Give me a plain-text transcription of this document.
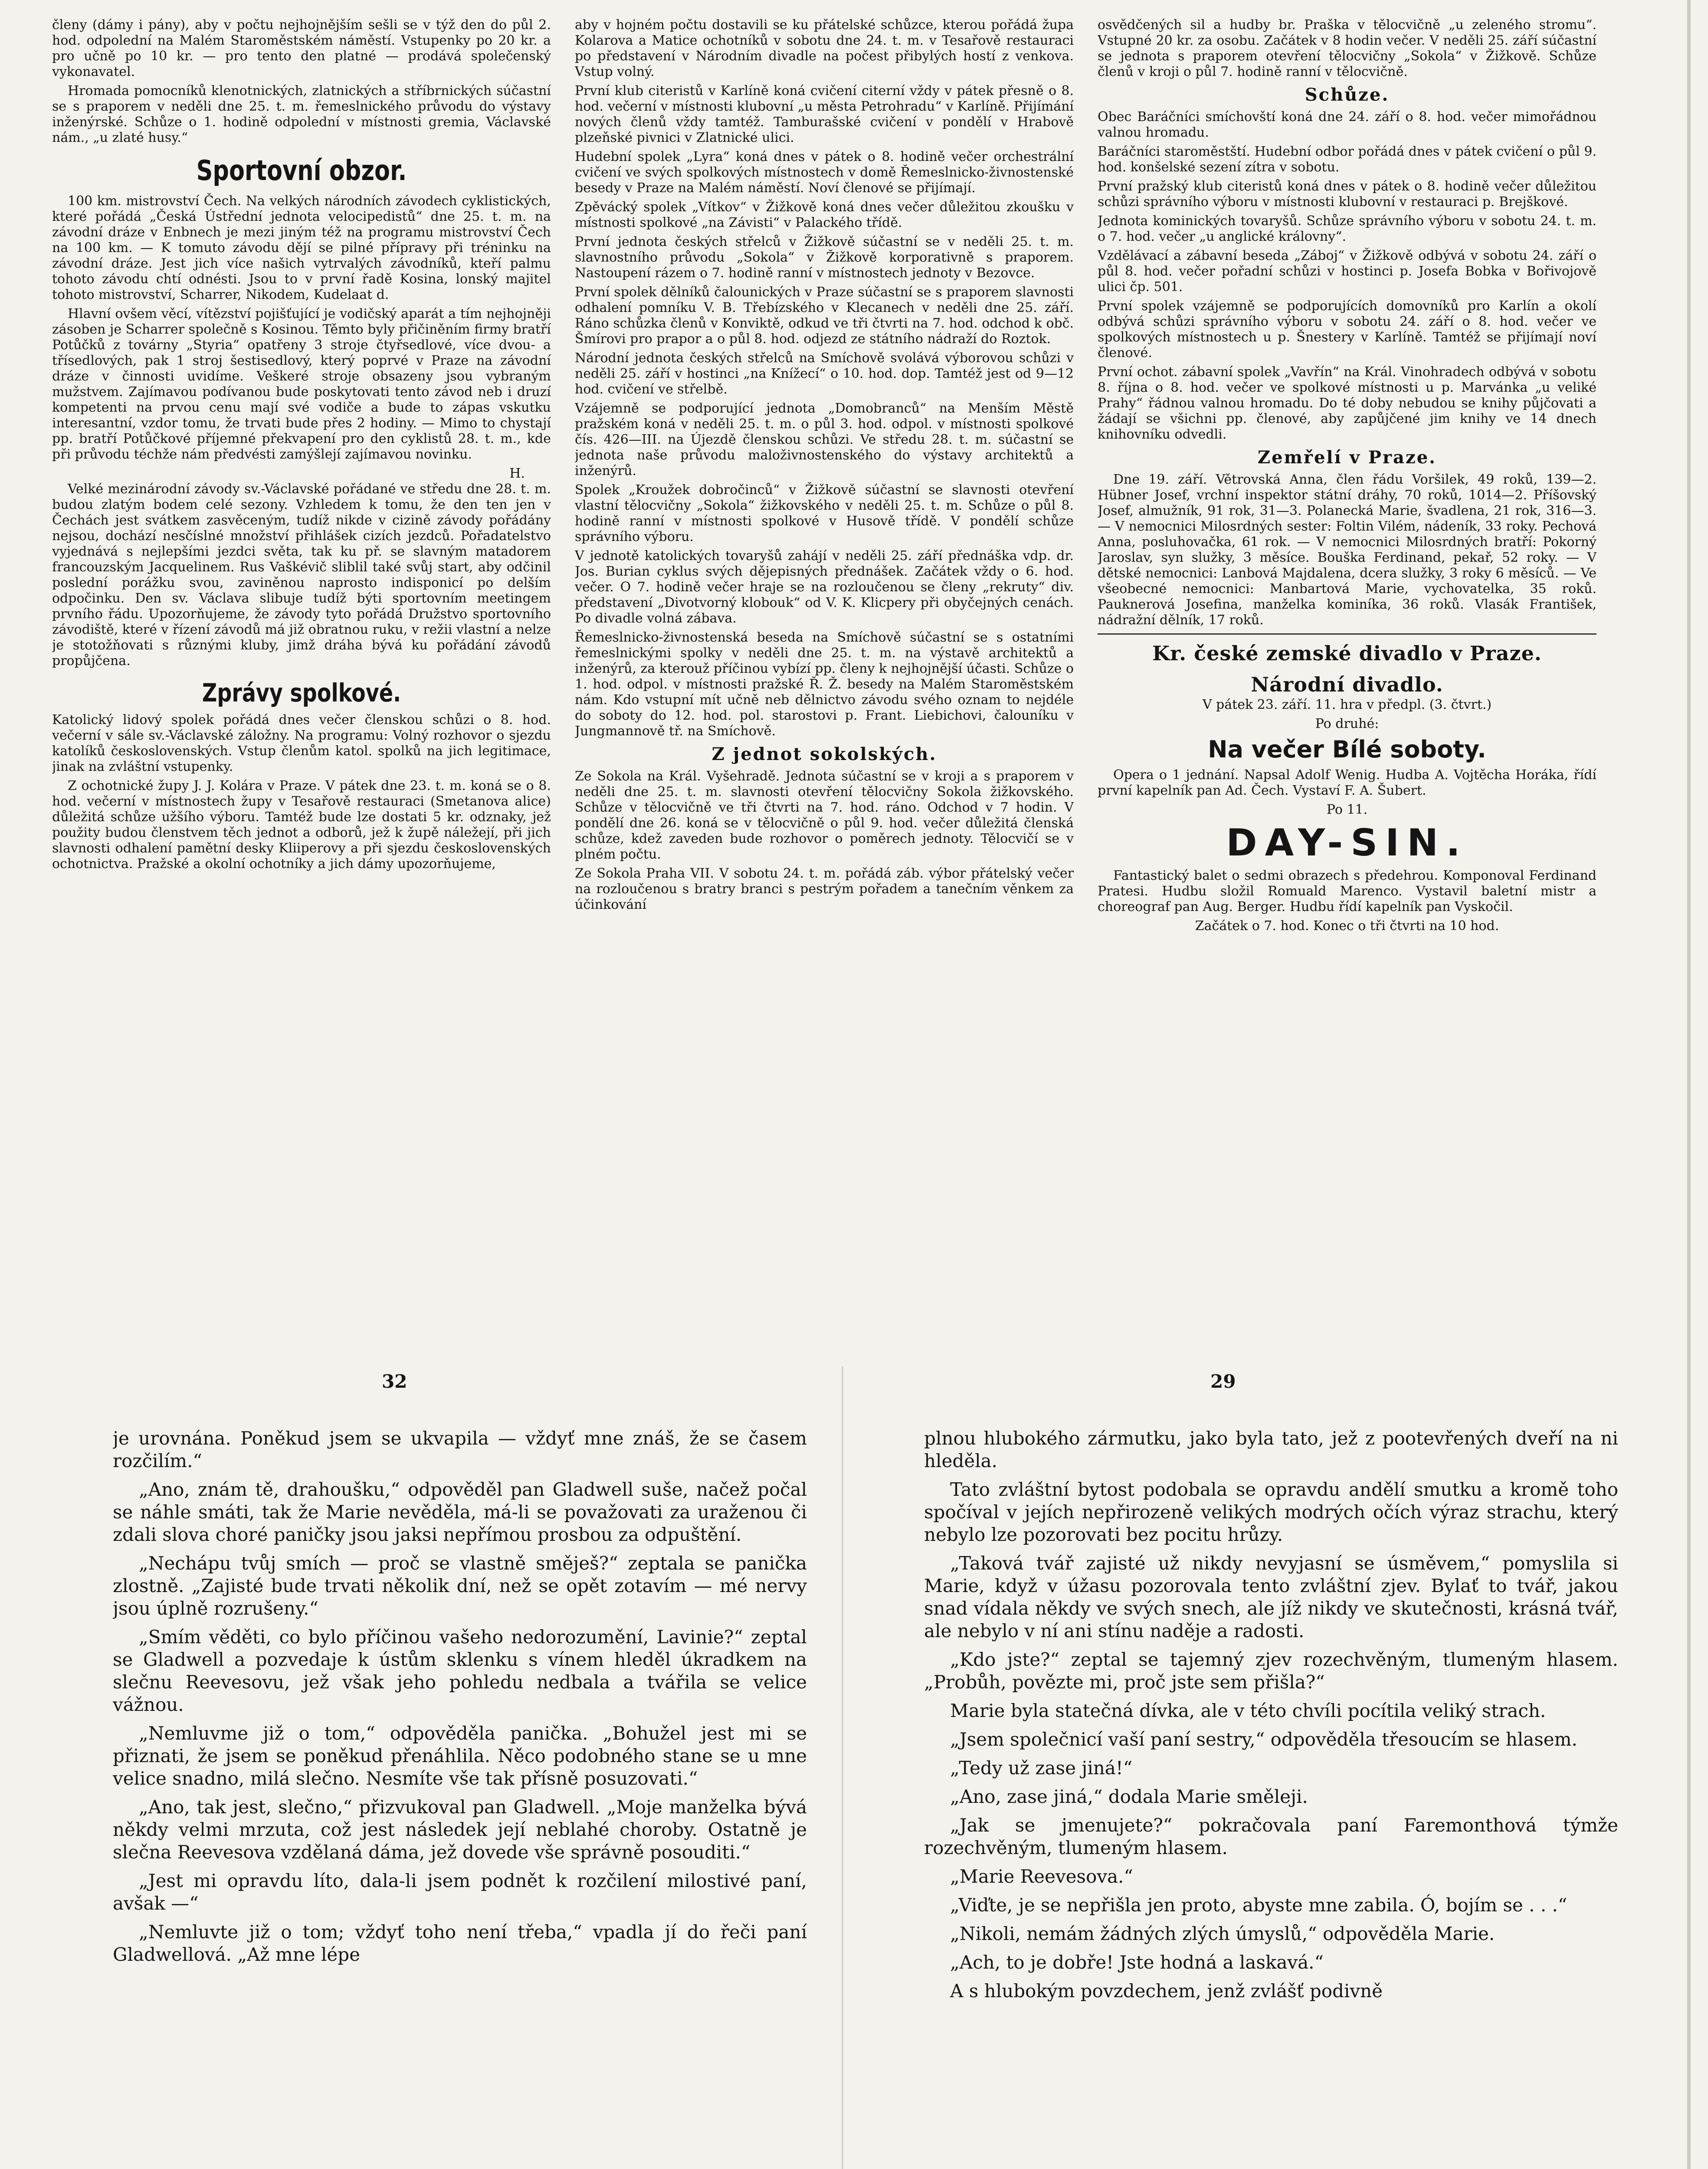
členy (dámy i pány), aby v počtu nejhojnějším sešli se v týž den do půl 2. hod. odpolední na Malém Staroměstském náměstí. Vstupenky po 20 kr. a pro učně po 10 kr. — pro tento den platné — prodává společenský vykonavatel.

Hromada pomocníků klenotnických, zlatnických a stříbrnických súčastní se s praporem v neděli dne 25. t. m. řemeslnického průvodu do výstavy inženýrské. Schůze o 1. hodině odpolední v místnosti gremia, Václavské nám., „u zlaté husy.“

Sportovní obzor.

100 km. mistrovství Čech. Na velkých národních závodech cyklistických, které pořádá „Česká Ústřední jednota velocipedistů“ dne 25. t. m. na závodní dráze v Enbnech je mezi jiným též na programu mistrovství Čech na 100 km. — K tomuto závodu dějí se pilné přípravy při tréninku na závodní dráze. Jest jich více našich vytrvalých závodníků, kteří palmu tohoto závodu chtí odnésti. Jsou to v první řadě Kosina, lonský majitel tohoto mistrovství, Scharrer, Nikodem, Kudelaat d.

Hlavní ovšem věcí, vítězství pojišťující je vodičský aparát a tím nejhojněji zásoben je Scharrer společně s Kosinou. Těmto byly přičiněním firmy bratří Potůčků z továrny „Styria“ opatřeny 3 stroje čtyřsedlové, více dvou- a třísedlových, pak 1 stroj šestisedlový, který poprvé v Praze na závodní dráze v činnosti uvidíme. Veškeré stroje obsazeny jsou vybraným mužstvem. Zajímavou podívanou bude poskytovati tento závod neb i druzí kompetenti na prvou cenu mají své vodiče a bude to zápas vskutku interesantní, vzdor tomu, že trvati bude přes 2 hodiny. — Mimo to chystají pp. bratří Potůčkové příjemné překvapení pro den cyklistů 28. t. m., kde při průvodu téchže nám předvésti zamýšlejí zajímavou novinku.

H.

Velké mezinárodní závody sv.-Václavské pořádané ve středu dne 28. t. m. budou zlatým bodem celé sezony. Vzhledem k tomu, že den ten jen v Čechách jest svátkem zasvěceným, tudíž nikde v cizině závody pořádány nejsou, dochází nesčíslné množství přihlášek cizích jezdců. Pořadatelstvo vyjednává s nejlepšími jezdci světa, tak ku př. se slavným matadorem francouzským Jacquelinem. Rus Vaškévič sliblil také svůj start, aby odčinil poslední porážku svou, zaviněnou naprosto indisponicí po delším odpočinku. Den sv. Václava slibuje tudíž býti sportovním meetingem prvního řádu. Upozorňujeme, že závody tyto pořádá Družstvo sportovního závodiště, které v řízení závodů má již obratnou ruku, v režii vlastní a nelze je stotožňovati s různými kluby, jimž dráha bývá ku pořádání závodů propůjčena.

Zprávy spolkové.

Katolický lidový spolek pořádá dnes večer členskou schůzi o 8. hod. večerní v sále sv.-Václavské záložny. Na programu: Volný rozhovor o sjezdu katolíků československých. Vstup členům katol. spolků na jich legitimace, jinak na zvláštní vstupenky.

Z ochotnické župy J. J. Kolára v Praze. V pátek dne 23. t. m. koná se o 8. hod. večerní v místnostech župy v Tesařově restauraci (Smetanova alice) důležitá schůze užšího výboru. Tamtéž bude lze dostati 5 kr. odznaky, jež použity budou členstvem těch jednot a odborů, jež k župě náležejí, při jich slavnosti odhalení pamětní desky Kliiperovy a při sjezdu československých ochotnictva. Pražské a okolní ochotníky a jich dámy upozorňujeme,

aby v hojném počtu dostavili se ku přátelské schůzce, kterou pořádá župa Kolarova a Matice ochotníků v sobotu dne 24. t. m. v Tesařově restauraci po představení v Národním divadle na počest přibylých hostí z venkova. Vstup volný.

První klub citeristů v Karlíně koná cvičení citerní vždy v pátek přesně o 8. hod. večerní v místnosti klubovní „u města Petrohradu“ v Karlíně. Přijímání nových členů vždy tamtéž. Tamburašské cvičení v pondělí v Hrabově plzeňské pivnici v Zlatnické ulici.

Hudební spolek „Lyra“ koná dnes v pátek o 8. hodině večer orchestrální cvičení ve svých spolkových místnostech v domě Řemeslnicko-živnostenské besedy v Praze na Malém náměstí. Noví členové se přijímají.

Zpěvácký spolek „Vítkov“ v Žižkově koná dnes večer důležitou zkoušku v místnosti spolkové „na Závisti“ v Palackého třídě.

První jednota českých střelců v Žižkově súčastní se v neděli 25. t. m. slavnostního průvodu „Sokola“ v Žižkově korporativně s praporem. Nastoupení rázem o 7. hodině ranní v místnostech jednoty v Bezovce.

První spolek dělníků čalounických v Praze súčastní se s praporem slavnosti odhalení pomníku V. B. Třebízského v Klecanech v neděli dne 25. září. Ráno schůzka členů v Konviktě, odkud ve tři čtvrti na 7. hod. odchod k obč. Šmírovi pro prapor a o půl 8. hod. odjezd ze státního nádraží do Roztok.

Národní jednota českých střelců na Smíchově svolává výborovou schůzi v neděli 25. září v hostinci „na Knížecí“ o 10. hod. dop. Tamtéž jest od 9—12 hod. cvičení ve střelbě.

Vzájemně se podporující jednota „Domobranců“ na Menším Městě pražském koná v neděli 25. t. m. o půl 3. hod. odpol. v místnosti spolkové čís. 426—III. na Újezdě členskou schůzi. Ve středu 28. t. m. súčastní se jednota naše průvodu maloživnostenského do výstavy architektů a inženýrů.

Spolek „Kroužek dobročinců“ v Žižkově súčastní se slavnosti otevření vlastní tělocvičny „Sokola“ žižkovského v neděli 25. t. m. Schůze o půl 8. hodině ranní v místnosti spolkové v Husově třídě. V pondělí schůze správního výboru.

V jednotě katolických tovaryšů zahájí v neděli 25. září přednáška vdp. dr. Jos. Burian cyklus svých dějepisných přednášek. Začátek vždy o 6. hod. večer. O 7. hodině večer hraje se na rozloučenou se členy „rekruty“ div. představení „Divotvorný klobouk“ od V. K. Klicpery při obyčejných cenách. Po divadle volná zábava.

Řemeslnicko-živnostenská beseda na Smíchově súčastní se s ostatními řemeslnickými spolky v neděli dne 25. t. m. na výstavě architektů a inženýrů, za kterouž příčinou vybízí pp. členy k nejhojnější účasti. Schůze o 1. hod. odpol. v místnosti pražské Ř. Ž. besedy na Malém Staroměstském nám. Kdo vstupní mít učně neb dělnictvo závodu svého oznam to nejdéle do soboty do 12. hod. pol. starostovi p. Frant. Liebichovi, čalouníku v Jungmannově tř. na Smíchově.

Z jednot sokolských.

Ze Sokola na Král. Vyšehradě. Jednota súčastní se v kroji a s praporem v neděli dne 25. t. m. slavnosti otevření tělocvičny Sokola žižkovského. Schůze v tělocvičně ve tři čtvrti na 7. hod. ráno. Odchod v 7 hodin. V pondělí dne 26. koná se v tělocvičně o půl 9. hod. večer důležitá členská schůze, kdež zaveden bude rozhovor o poměrech jednoty. Tělocvičí se v plném počtu.

Ze Sokola Praha VII. V sobotu 24. t. m. pořádá záb. výbor přátelský večer na rozloučenou s bratry branci s pestrým pořadem a tanečním věnkem za účinkování

osvědčených sil a hudby br. Praška v tělocvičně „u zeleného stromu“. Vstupné 20 kr. za osobu. Začátek v 8 hodin večer. V neděli 25. září súčastní se jednota s praporem otevření tělocvičny „Sokola“ v Žižkově. Schůze členů v kroji o půl 7. hodině ranní v tělocvičně.

Schůze.

Obec Baráčníci smíchovští koná dne 24. září o 8. hod. večer mimořádnou valnou hromadu.

Baráčníci staroměstští. Hudební odbor pořádá dnes v pátek cvičení o půl 9. hod. konšelské sezení zítra v sobotu.

První pražský klub citeristů koná dnes v pátek o 8. hodině večer důležitou schůzi správního výboru v místnosti klubovní v restauraci p. Brejškové.

Jednota kominických tovaryšů. Schůze správního výboru v sobotu 24. t. m. o 7. hod. večer „u anglické královny“.

Vzdělávací a zábavní beseda „Záboj“ v Žižkově odbývá v sobotu 24. září o půl 8. hod. večer pořadní schůzi v hostinci p. Josefa Bobka v Bořivojově ulici čp. 501.

První spolek vzájemně se podporujících domovníků pro Karlín a okolí odbývá schůzi správního výboru v sobotu 24. září o 8. hod. večer ve spolkových místnostech u p. Šnestery v Karlíně. Tamtéž se přijímají noví členové.

První ochot. zábavní spolek „Vavřín“ na Král. Vinohradech odbývá v sobotu 8. října o 8. hod. večer ve spolkové místnosti u p. Marvánka „u veliké Prahy“ řádnou valnou hromadu. Do té doby nebudou se knihy půjčovati a žádají se všichni pp. členové, aby zapůjčené jim knihy ve 14 dnech knihovníku odvedli.

Zemřelí v Praze.

Dne 19. září. Větrovská Anna, člen řádu Voršilek, 49 roků, 139—2. Hübner Josef, vrchní inspektor státní dráhy, 70 roků, 1014—2. Příšovský Josef, almužník, 91 rok, 31—3. Polanecká Marie, švadlena, 21 rok, 316—3. — V nemocnici Milosrdných sester: Foltin Vilém, nádeník, 33 roky. Pechová Anna, posluhovačka, 61 rok. — V nemocnici Milosrdných bratří: Pokorný Jaroslav, syn služky, 3 měsíce. Bouška Ferdinand, pekař, 52 roky. — V dětské nemocnici: Lanbová Majdalena, dcera služky, 3 roky 6 měsíců. — Ve všeobecné nemocnici: Manbartová Marie, vychovatelka, 35 roků. Pauknerová Josefina, manželka kominíka, 36 roků. Vlasák František, nádražní dělník, 17 roků.

Kr. české zemské divadlo v Praze.
Národní divadlo.

V pátek 23. září. 11. hra v předpl. (3. čtvrt.)

Po druhé:

Na večer Bílé soboty.

Opera o 1 jednání. Napsal Adolf Wenig. Hudba A. Vojtěcha Horáka, řídí první kapelník pan Ad. Čech. Vystaví F. A. Šubert.

Po 11.

DAY-SIN.

Fantastický balet o sedmi obrazech s předehrou. Komponoval Ferdinand Pratesi. Hudbu složil Romuald Marenco. Vystavil baletní mistr a choreograf pan Aug. Berger. Hudbu řídí kapelník pan Vyskočil.

Začátek o 7. hod. Konec o tři čtvrti na 10 hod.

32	29

je urovnána. Poněkud jsem se ukvapila — vždyť mne znáš, že se časem rozčilím.“

„Ano, znám tě, drahoušku,“ odpověděl pan Gladwell suše, načež počal se náhle smáti, tak že Marie nevěděla, má-li se považovati za uraženou či zdali slova choré paničky jsou jaksi nepřímou prosbou za odpuštění.

„Nechápu tvůj smích — proč se vlastně směješ?“ zeptala se panička zlostně. „Zajisté bude trvati několik dní, než se opět zotavím — mé nervy jsou úplně rozrušeny.“

„Smím věděti, co bylo příčinou vašeho nedorozumění, Lavinie?“ zeptal se Gladwell a pozvedaje k ústům sklenku s vínem hleděl úkradkem na slečnu Reevesovu, jež však jeho pohledu nedbala a tvářila se velice vážnou.

„Nemluvme již o tom,“ odpověděla panička. „Bohužel jest mi se přiznati, že jsem se poněkud přenáhlila. Něco podobného stane se u mne velice snadno, milá slečno. Nesmíte vše tak přísně posuzovati.“

„Ano, tak jest, slečno,“ přizvukoval pan Gladwell. „Moje manželka bývá někdy velmi mrzuta, což jest následek její neblahé choroby. Ostatně je slečna Reevesova vzdělaná dáma, jež dovede vše správně posouditi.“

„Jest mi opravdu líto, dala-li jsem podnět k rozčilení milostivé paní, avšak —“

„Nemluvte již o tom; vždyť toho není třeba,“ vpadla jí do řeči paní Gladwellová. „Až mne lépe

plnou hlubokého zármutku, jako byla tato, jež z pootevřených dveří na ni hleděla.

Tato zvláštní bytost podobala se opravdu andělí smutku a kromě toho spočíval v jejích nepřirozeně velikých modrých očích výraz strachu, který nebylo lze pozorovati bez pocitu hrůzy.

„Taková tvář zajisté už nikdy nevyjasní se úsměvem,“ pomyslila si Marie, když v úžasu pozorovala tento zvláštní zjev. Bylať to tvář, jakou snad vídala někdy ve svých snech, ale jíž nikdy ve skutečnosti, krásná tvář, ale nebylo v ní ani stínu naděje a radosti.

„Kdo jste?“ zeptal se tajemný zjev rozechvěným, tlumeným hlasem. „Probůh, povězte mi, proč jste sem přišla?“

Marie byla statečná dívka, ale v této chvíli pocítila veliký strach.

„Jsem společnicí vaší paní sestry,“ odpověděla třesoucím se hlasem.

„Tedy už zase jiná!“

„Ano, zase jiná,“ dodala Marie směleji.

„Jak se jmenujete?“ pokračovala paní Faremonthová týmže rozechvěným, tlumeným hlasem.

„Marie Reevesova.“

„Viďte, je se nepřišla jen proto, abyste mne zabila. Ó, bojím se . . .“

„Nikoli, nemám žádných zlých úmyslů,“ odpověděla Marie.

„Ach, to je dobře! Jste hodná a laskavá.“

A s hlubokým povzdechem, jenž zvlášť podivně
